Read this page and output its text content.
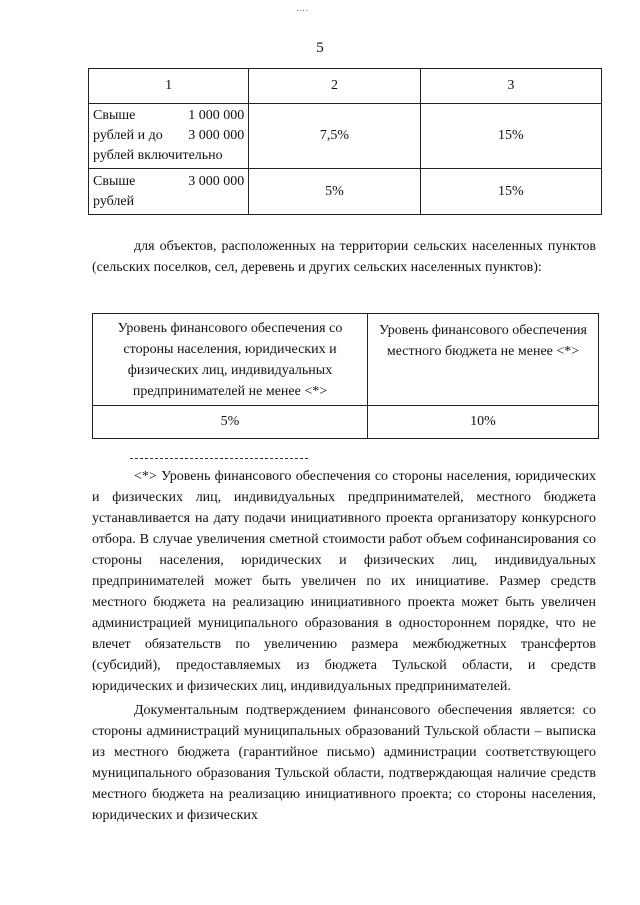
·ᐧ··
5
1	2	3

Свыше 1 000 000
рублей и до 3 000 000
рублей включительно	7,5%	15%

Свыше 3 000 000
рублей	5%	15%

для объектов, расположенных на территории сельских населенных пунктов (сельских поселков, сел, деревень и других сельских населенных пунктов):

Уровень финансового обеспечения со стороны населения, юридических и физических лиц, индивидуальных предпринимателей не менее <*>	Уровень финансового обеспечения местного бюджета не менее <*>
5%	10%

<*> Уровень финансового обеспечения со стороны населения, юридических и физических лиц, индивидуальных предпринимателей, местного бюджета устанавливается на дату подачи инициативного проекта организатору конкурсного отбора. В случае увеличения сметной стоимости работ объем софинансирования со стороны населения, юридических и физических лиц, индивидуальных предпринимателей может быть увеличен по их инициативе. Размер средств местного бюджета на реализацию инициативного проекта может быть увеличен администрацией муниципального образования в одностороннем порядке, что не влечет обязательств по увеличению размера межбюджетных трансфертов (субсидий), предоставляемых из бюджета Тульской области, и средств юридических и физических лиц, индивидуальных предпринимателей.

Документальным подтверждением финансового обеспечения является: со стороны администраций муниципальных образований Тульской области – выписка из местного бюджета (гарантийное письмо) администрации соответствующего муниципального образования Тульской области, подтверждающая наличие средств местного бюджета на реализацию инициативного проекта; со стороны населения, юридических и физических
